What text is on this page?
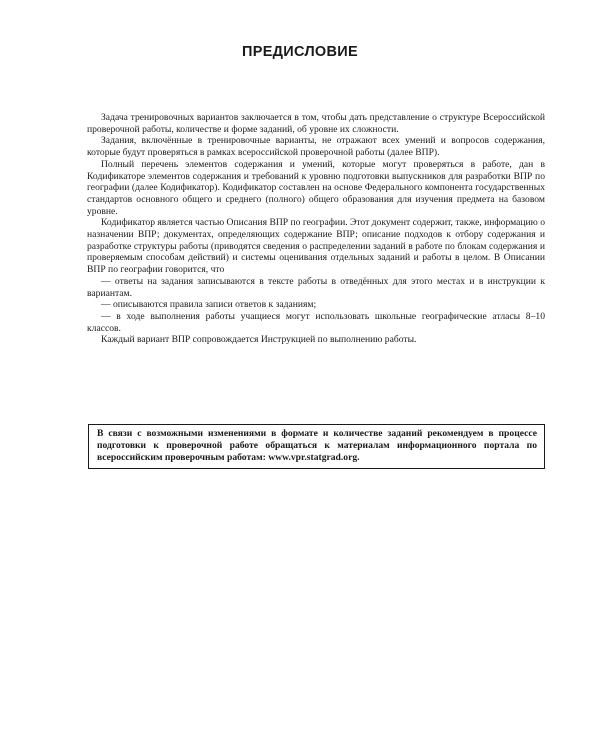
ПРЕДИСЛОВИЕ

Задача тренировочных вариантов заключается в том, чтобы дать представление о структуре Всероссийской проверочной работы, количестве и форме заданий, об уровне их сложности.

Задания, включённые в тренировочные варианты, не отражают всех умений и вопросов содержания, которые будут проверяться в рамках всероссийской проверочной работы (далее ВПР).

Полный перечень элементов содержания и умений, которые могут проверяться в работе, дан в Кодификаторе элементов содержания и требований к уровню подготовки выпускников для разработки ВПР по географии (далее Кодификатор). Кодификатор составлен на основе Федерального компонента государственных стандартов основного общего и среднего (полного) общего образования для изучения предмета на базовом уровне.

Кодификатор является частью Описания ВПР по географии. Этот документ содержит, также, информацию о назначении ВПР; документах, определяющих содержание ВПР; описание подходов к отбору содержания и разработке структуры работы (приводятся сведения о распределении заданий в работе по блокам содержания и проверяемым способам действий) и системы оценивания отдельных заданий и работы в целом. В Описании ВПР по географии говорится, что

— ответы на задания записываются в тексте работы в отведённых для этого местах и в инструкции к вариантам.

— описываются правила записи ответов к заданиям;

— в ходе выполнения работы учащиеся могут использовать школьные географические атласы 8–10 классов.

Каждый вариант ВПР сопровождается Инструкцией по выполнению работы.

В связи с возможными изменениями в формате и количестве заданий рекомендуем в процессе подготовки к проверочной работе обращаться к материалам информационного портала по всероссийским проверочным работам: www.vpr.statgrad.org.
